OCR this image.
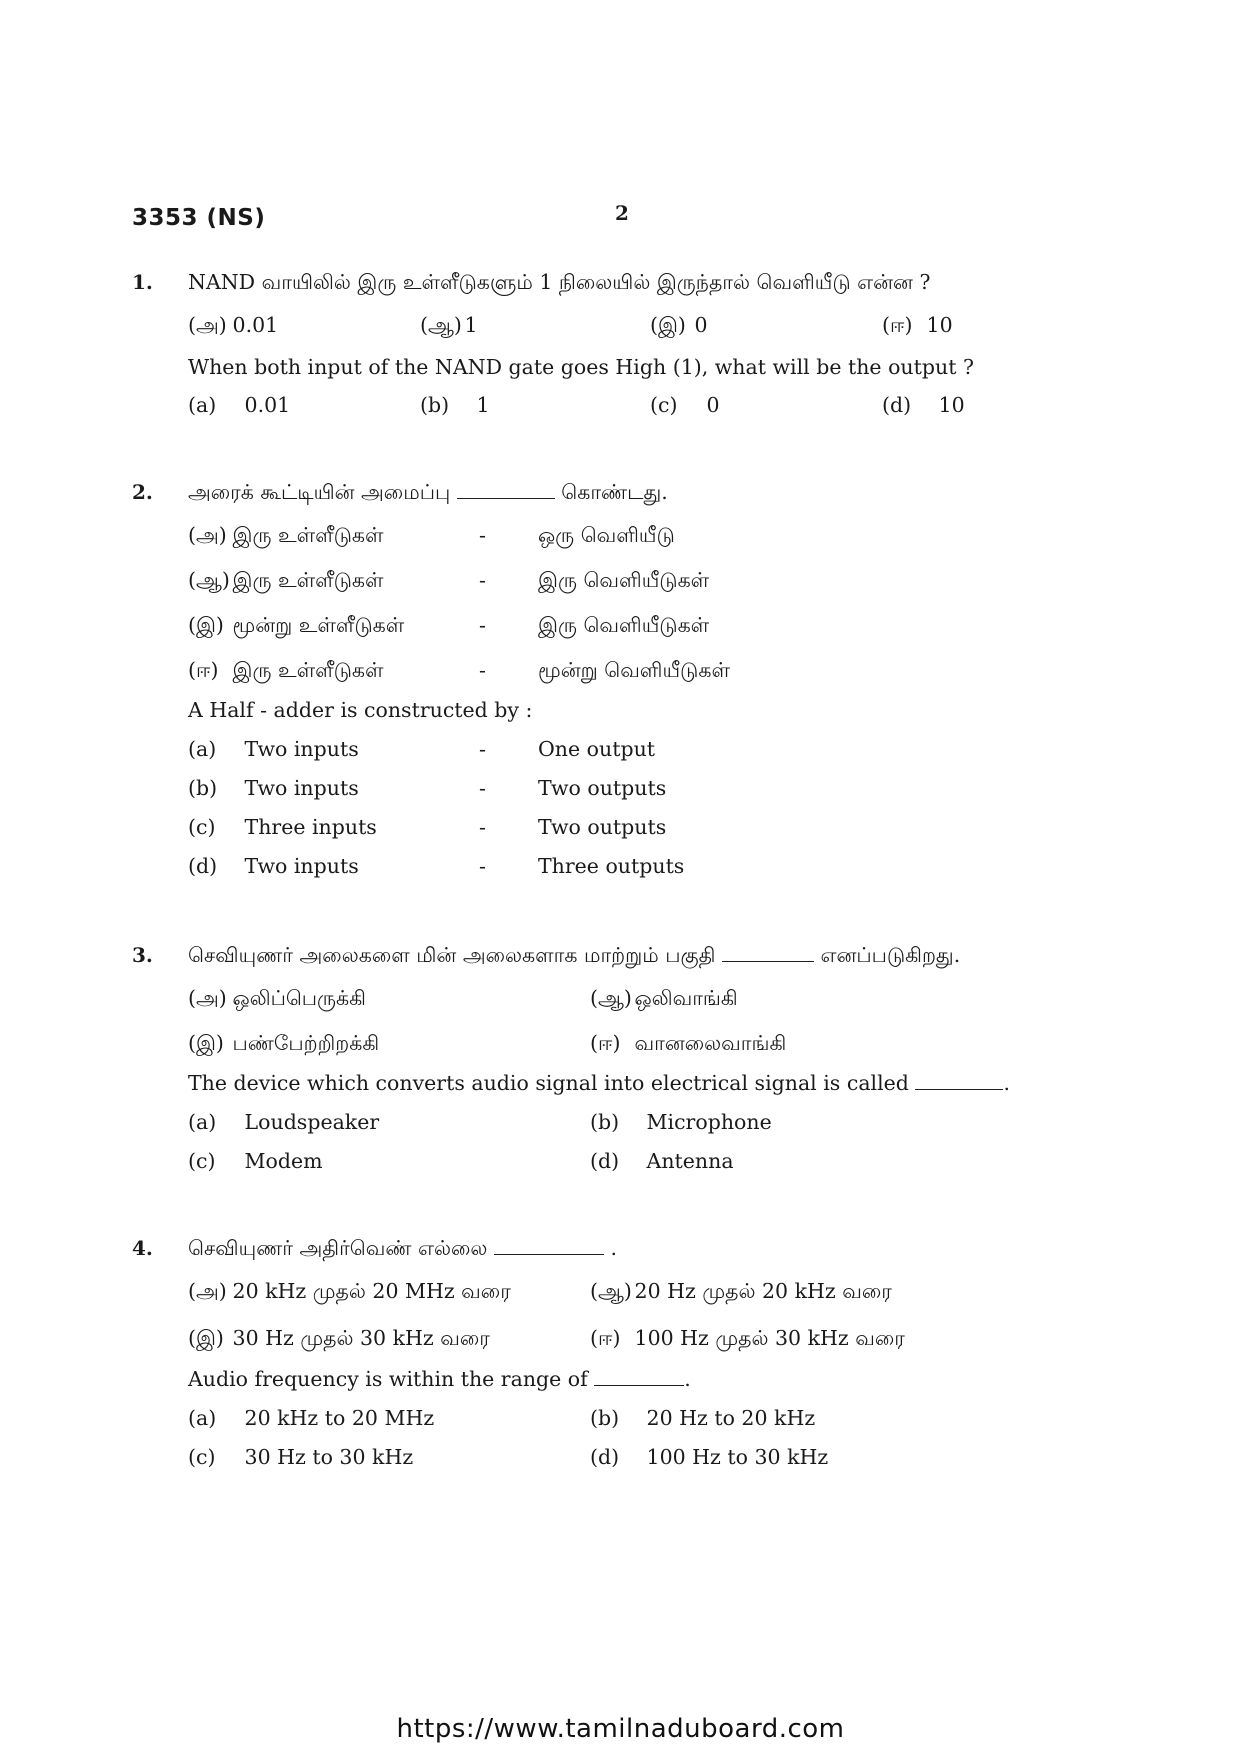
3353 (NS)	2
1. NAND வாயிலில் இரு உள்ளீடுகளும் 1 நிலையில் இருந்தால் வெளியீடு என்ன ?
(அ) 0.01	(ஆ) 1	(இ) 0	(ஈ) 10
When both input of the NAND gate goes High (1), what will be the output ?
(a) 0.01	(b) 1	(c) 0	(d) 10
2. அரைக் கூட்டியின் அமைப்பு	கொண்டது.
(அ) இரு உள்ளீடுகள்	-	ஒரு வெளியீடு
(ஆ) இரு உள்ளீடுகள்	-	இரு வெளியீடுகள்
(இ) மூன்று உள்ளீடுகள்	-	இரு வெளியீடுகள்
(ஈ) இரு உள்ளீடுகள்	-	மூன்று வெளியீடுகள்
A Half - adder is constructed by :
(a) Two inputs	-	One output
(b) Two inputs	-	Two outputs
(c) Three inputs	-	Two outputs
(d) Two inputs	-	Three outputs
3. செவியுணர் அலைகளை மின் அலைகளாக மாற்றும் பகுதி	எனப்படுகிறது.
(அ) ஒலிப்பெருக்கி	(ஆ) ஒலிவாங்கி
(இ) பண்பேற்றிறக்கி	(ஈ) வானலைவாங்கி
The device which converts audio signal into electrical signal is called	.
(a) Loudspeaker	(b) Microphone
(c) Modem	(d) Antenna
4. செவியுணர் அதிர்வெண் எல்லை	.
(அ) 20 kHz முதல் 20 MHz வரை	(ஆ) 20 Hz முதல் 20 kHz வரை
(இ) 30 Hz முதல் 30 kHz வரை	(ஈ) 100 Hz முதல் 30 kHz வரை
Audio frequency is within the range of	.
(a) 20 kHz to 20 MHz	(b) 20 Hz to 20 kHz
(c) 30 Hz to 30 kHz	(d) 100 Hz to 30 kHz
https://www.tamilnaduboard.com
